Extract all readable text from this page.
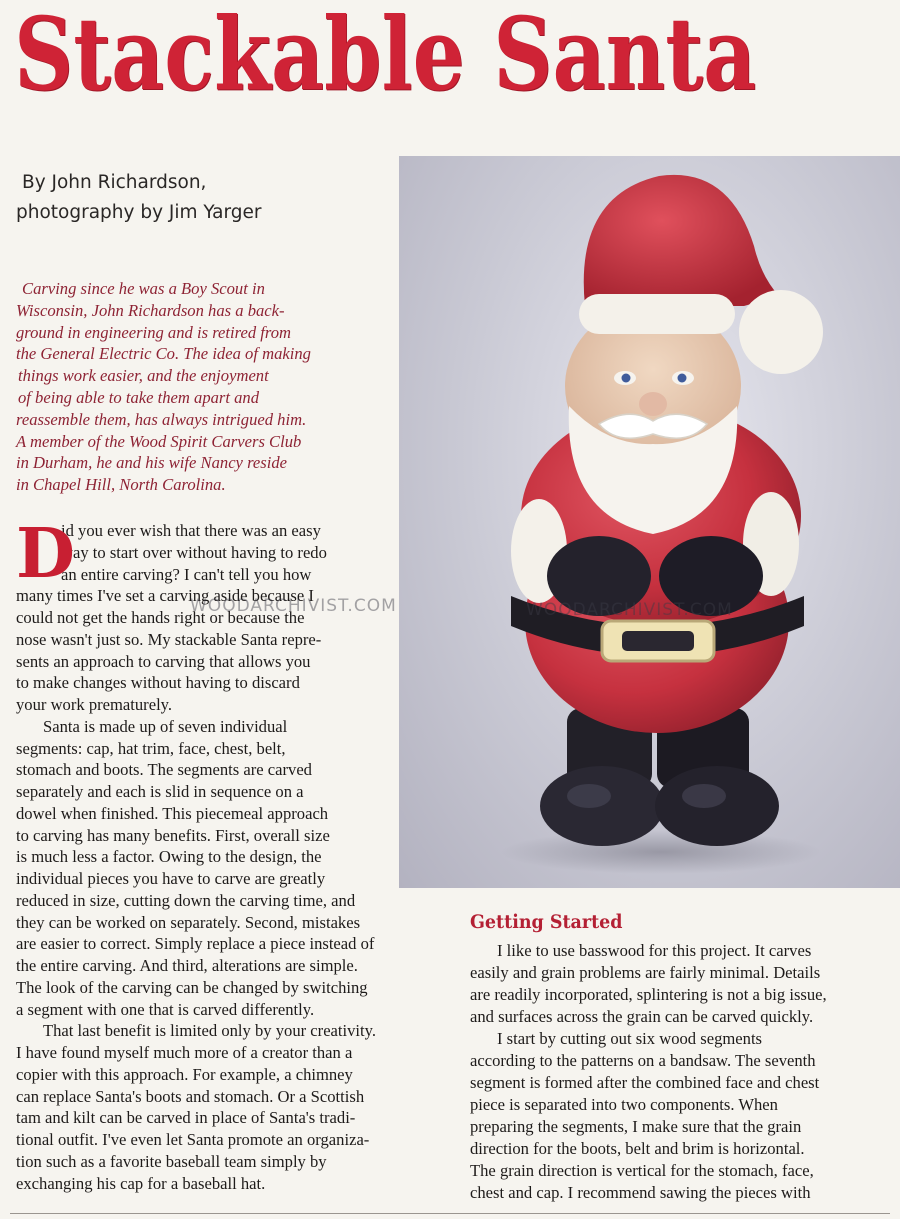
Stackable Santa
By John Richardson,
photography by Jim Yarger
Carving since he was a Boy Scout in
Wisconsin, John Richardson has a back-
ground in engineering and is retired from
the General Electric Co. The idea of making
things work easier, and the enjoyment
of being able to take them apart and
reassemble them, has always intrigued him.
A member of the Wood Spirit Carvers Club
in Durham, he and his wife Nancy reside
in Chapel Hill, North Carolina.
D
id you ever wish that there was an easy
way to start over without having to redo
an entire carving? I can't tell you how
many times I've set a carving aside because I
could not get the hands right or because the
nose wasn't just so. My stackable Santa repre-
sents an approach to carving that allows you
to make changes without having to discard
your work prematurely.
Santa is made up of seven individual
segments: cap, hat trim, face, chest, belt,
stomach and boots. The segments are carved
separately and each is slid in sequence on a
dowel when finished. This piecemeal approach
to carving has many benefits. First, overall size
is much less a factor. Owing to the design, the
individual pieces you have to carve are greatly
reduced in size, cutting down the carving time, and
they can be worked on separately. Second, mistakes
are easier to correct. Simply replace a piece instead of
the entire carving. And third, alterations are simple.
The look of the carving can be changed by switching
a segment with one that is carved differently.
That last benefit is limited only by your creativity.
I have found myself much more of a creator than a
copier with this approach. For example, a chimney
can replace Santa's boots and stomach. Or a Scottish
tam and kilt can be carved in place of Santa's tradi-
tional outfit. I've even let Santa promote an organiza-
tion such as a favorite baseball team simply by
exchanging his cap for a baseball hat.
WOODARCHIVIST.COM	WOODARCHIVIST.COM
Getting Started
I like to use basswood for this project. It carves
easily and grain problems are fairly minimal. Details
are readily incorporated, splintering is not a big issue,
and surfaces across the grain can be carved quickly.
I start by cutting out six wood segments
according to the patterns on a bandsaw. The seventh
segment is formed after the combined face and chest
piece is separated into two components. When
preparing the segments, I make sure that the grain
direction for the boots, belt and brim is horizontal.
The grain direction is vertical for the stomach, face,
chest and cap. I recommend sawing the pieces with
